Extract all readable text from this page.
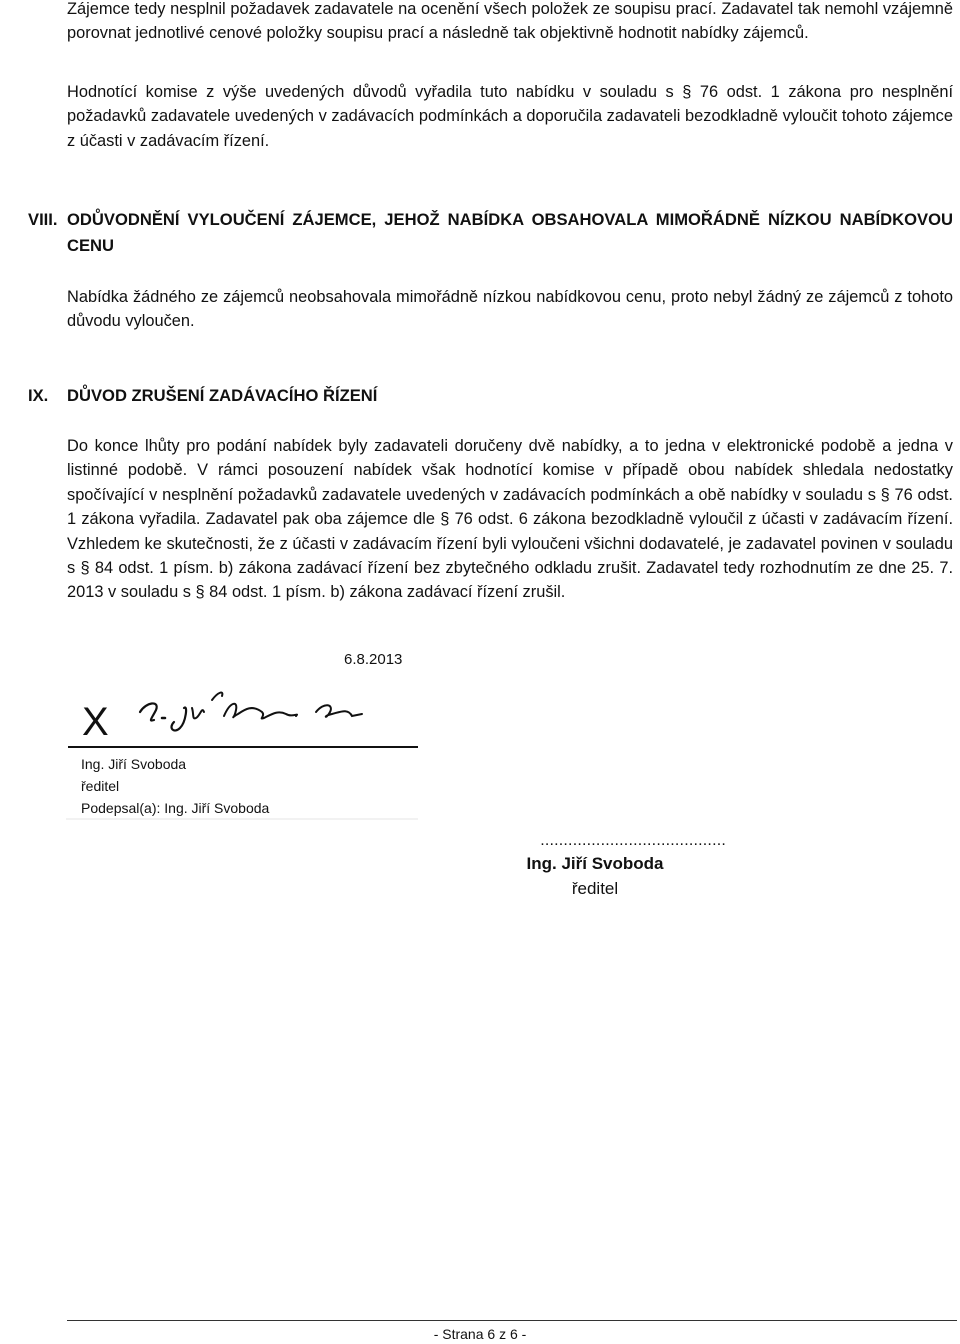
Zájemce tedy nesplnil požadavek zadavatele na ocenění všech položek ze soupisu prací. Zadavatel tak nemohl vzájemně porovnat jednotlivé cenové položky soupisu prací a následně tak objektivně hodnotit nabídky zájemců.

Hodnotící komise z výše uvedených důvodů vyřadila tuto nabídku v souladu s § 76 odst. 1 zákona pro nesplnění požadavků zadavatele uvedených v zadávacích podmínkách a doporučila zadavateli bezodkladně vyloučit tohoto zájemce z účasti v zadávacím řízení.

VIII. ODŮVODNĚNÍ VYLOUČENÍ ZÁJEMCE, JEHOŽ NABÍDKA OBSAHOVALA MIMOŘÁDNĚ NÍZKOU NABÍDKOVOU CENU

Nabídka žádného ze zájemců neobsahovala mimořádně nízkou nabídkovou cenu, proto nebyl žádný ze zájemců z tohoto důvodu vyloučen.

IX. DŮVOD ZRUŠENÍ ZADÁVACÍHO ŘÍZENÍ

Do konce lhůty pro podání nabídek byly zadavateli doručeny dvě nabídky, a to jedna v elektronické podobě a jedna v listinné podobě. V rámci posouzení nabídek však hodnotící komise v případě obou nabídek shledala nedostatky spočívající v nesplnění požadavků zadavatele uvedených v zadávacích podmínkách a obě nabídky v souladu s § 76 odst. 1 zákona vyřadila. Zadavatel pak oba zájemce dle § 76 odst. 6 zákona bezodkladně vyloučil z účasti v zadávacím řízení. Vzhledem ke skutečnosti, že z účasti v zadávacím řízení byli vyloučeni všichni dodavatelé, je zadavatel povinen v souladu s § 84 odst. 1 písm. b) zákona zadávací řízení bez zbytečného odkladu zrušit. Zadavatel tedy rozhodnutím ze dne 25. 7. 2013 v souladu s § 84 odst. 1 písm. b) zákona zadávací řízení zrušil.

6.8.2013
X
Ing. Jiří Svoboda
ředitel
Podepsal(a): Ing. Jiří Svoboda
........................................
Ing. Jiří Svoboda
ředitel
- Strana 6 z 6 -
